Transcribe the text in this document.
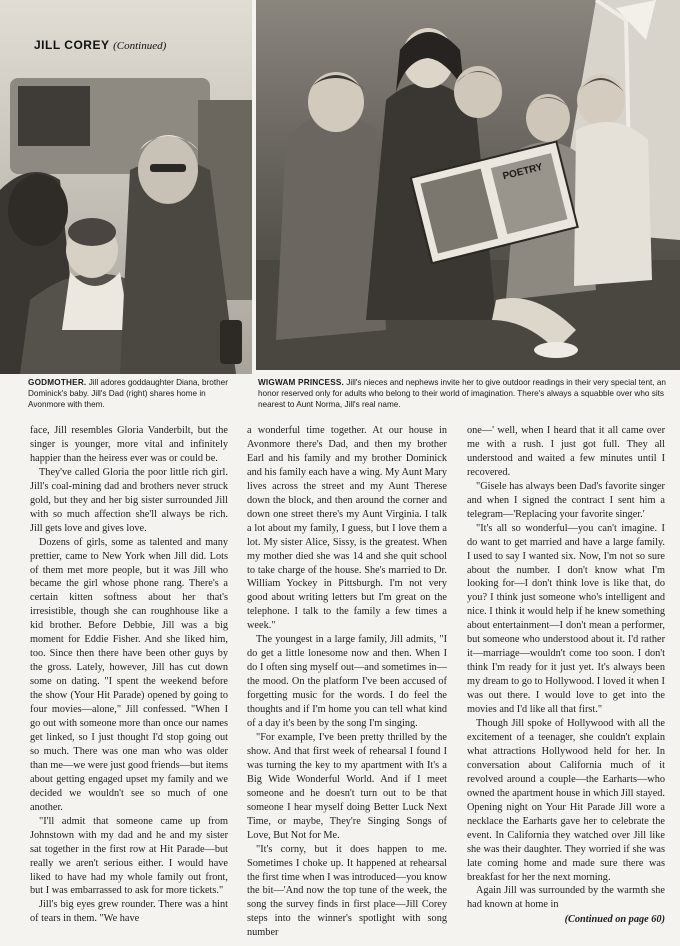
JILL COREY (Continued)
POETRY
GODMOTHER. Jill adores goddaughter Diana, brother Dominick's baby. Jill's Dad (right) shares home in Avonmore with them.
WIGWAM PRINCESS. Jill's nieces and nephews invite her to give outdoor readings in their very special tent, an honor reserved only for adults who belong to their world of imagination. There's always a squabble over who sits nearest to Aunt Norma, Jill's real name.

face, Jill resembles Gloria Vanderbilt, but the singer is younger, more vital and infinitely happier than the heiress ever was or could be.

They've called Gloria the poor little rich girl. Jill's coal-mining dad and brothers never struck gold, but they and her big sister surrounded Jill with so much affection she'll always be rich. Jill gets love and gives love.

Dozens of girls, some as talented and many prettier, came to New York when Jill did. Lots of them met more people, but it was Jill who became the girl whose phone rang. There's a certain kitten softness about her that's irresistible, though she can roughhouse like a kid brother. Before Debbie, Jill was a big moment for Eddie Fisher. And she liked him, too. Since then there have been other guys by the gross. Lately, however, Jill has cut down some on dating. "I spent the weekend before the show (Your Hit Parade) opened by going to four movies—alone," Jill confessed. "When I go out with someone more than once our names get linked, so I just thought I'd stop going out so much. There was one man who was older than me—we were just good friends—but items about getting engaged upset my family and we decided we wouldn't see so much of one another.

"I'll admit that someone came up from Johnstown with my dad and he and my sister sat together in the first row at Hit Parade—but really we aren't serious either. I would have liked to have had my whole family out front, but I was embarrassed to ask for more tickets."

Jill's big eyes grew rounder. There was a hint of tears in them. "We have

a wonderful time together. At our house in Avonmore there's Dad, and then my brother Earl and his family and my brother Dominick and his family each have a wing. My Aunt Mary lives across the street and my Aunt Therese down the block, and then around the corner and down one street there's my Aunt Virginia. I talk a lot about my family, I guess, but I love them a lot. My sister Alice, Sissy, is the greatest. When my mother died she was 14 and she quit school to take charge of the house. She's married to Dr. William Yockey in Pittsburgh. I'm not very good about writing letters but I'm great on the telephone. I talk to the family a few times a week."

The youngest in a large family, Jill admits, "I do get a little lonesome now and then. When I do I often sing myself out—and sometimes in—the mood. On the platform I've been accused of forgetting music for the words. I do feel the thoughts and if I'm home you can tell what kind of a day it's been by the song I'm singing.

"For example, I've been pretty thrilled by the show. And that first week of rehearsal I found I was turning the key to my apartment with It's a Big Wide Wonderful World. And if I meet someone and he doesn't turn out to be that someone I hear myself doing Better Luck Next Time, or maybe, They're Singing Songs of Love, But Not for Me.

"It's corny, but it does happen to me. Sometimes I choke up. It happened at rehearsal the first time when I was introduced—you know the bit—'And now the top tune of the week, the song the survey finds in first place—Jill Corey steps into the winner's spotlight with song number

one—' well, when I heard that it all came over me with a rush. I just got full. They all understood and waited a few minutes until I recovered.

"Gisele has always been Dad's favorite singer and when I signed the contract I sent him a telegram—'Replacing your favorite singer.'

"It's all so wonderful—you can't imagine. I do want to get married and have a large family. I used to say I wanted six. Now, I'm not so sure about the number. I don't know what I'm looking for—I don't think love is like that, do you? I think just someone who's intelligent and nice. I think it would help if he knew something about entertainment—I don't mean a performer, but someone who understood about it. I'd rather it—marriage—wouldn't come too soon. I don't think I'm ready for it just yet. It's always been my dream to go to Hollywood. I loved it when I was out there. I would love to get into the movies and I'd like all that first."

Though Jill spoke of Hollywood with all the excitement of a teenager, she couldn't explain what attractions Hollywood held for her. In conversation about California much of it revolved around a couple—the Earharts—who owned the apartment house in which Jill stayed. Opening night on Your Hit Parade Jill wore a necklace the Earharts gave her to celebrate the event. In California they watched over Jill like she was their daughter. They worried if she was late coming home and made sure there was breakfast for her the next morning.

Again Jill was surrounded by the warmth she had known at home in

(Continued on page 60)
